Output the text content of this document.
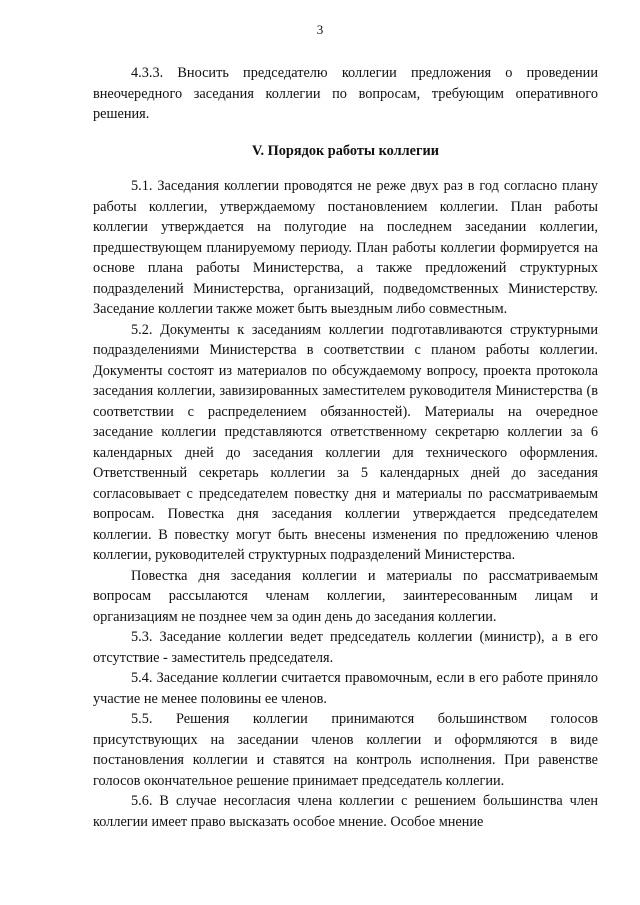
3

4.3.3. Вносить председателю коллегии предложения о проведении внеочередного заседания коллегии по вопросам, требующим оперативного решения.

V. Порядок работы коллегии

5.1. Заседания коллегии проводятся не реже двух раз в год согласно плану работы коллегии, утверждаемому постановлением коллегии. План работы коллегии утверждается на полугодие на последнем заседании коллегии, предшествующем планируемому периоду. План работы коллегии формируется на основе плана работы Министерства, а также предложений структурных подразделений Министерства, организаций, подведомственных Министерству. Заседание коллегии также может быть выездным либо совместным.

5.2. Документы к заседаниям коллегии подготавливаются структурными подразделениями Министерства в соответствии с планом работы коллегии. Документы состоят из материалов по обсуждаемому вопросу, проекта протокола заседания коллегии, завизированных заместителем руководителя Министерства (в соответствии с распределением обязанностей). Материалы на очередное заседание коллегии представляются ответственному секретарю коллегии за 6 календарных дней до заседания коллегии для технического оформления. Ответственный секретарь коллегии за 5 календарных дней до заседания согласовывает с председателем повестку дня и материалы по рассматриваемым вопросам. Повестка дня заседания коллегии утверждается председателем коллегии. В повестку могут быть внесены изменения по предложению членов коллегии, руководителей структурных подразделений Министерства.

Повестка дня заседания коллегии и материалы по рассматриваемым вопросам рассылаются членам коллегии, заинтересованным лицам и организациям не позднее чем за один день до заседания коллегии.

5.3. Заседание коллегии ведет председатель коллегии (министр), а в его отсутствие - заместитель председателя.

5.4. Заседание коллегии считается правомочным, если в его работе приняло участие не менее половины ее членов.

5.5. Решения коллегии принимаются большинством голосов присутствующих на заседании членов коллегии и оформляются в виде постановления коллегии и ставятся на контроль исполнения. При равенстве голосов окончательное решение принимает председатель коллегии.

5.6. В случае несогласия члена коллегии с решением большинства член коллегии имеет право высказать особое мнение. Особое мнение
